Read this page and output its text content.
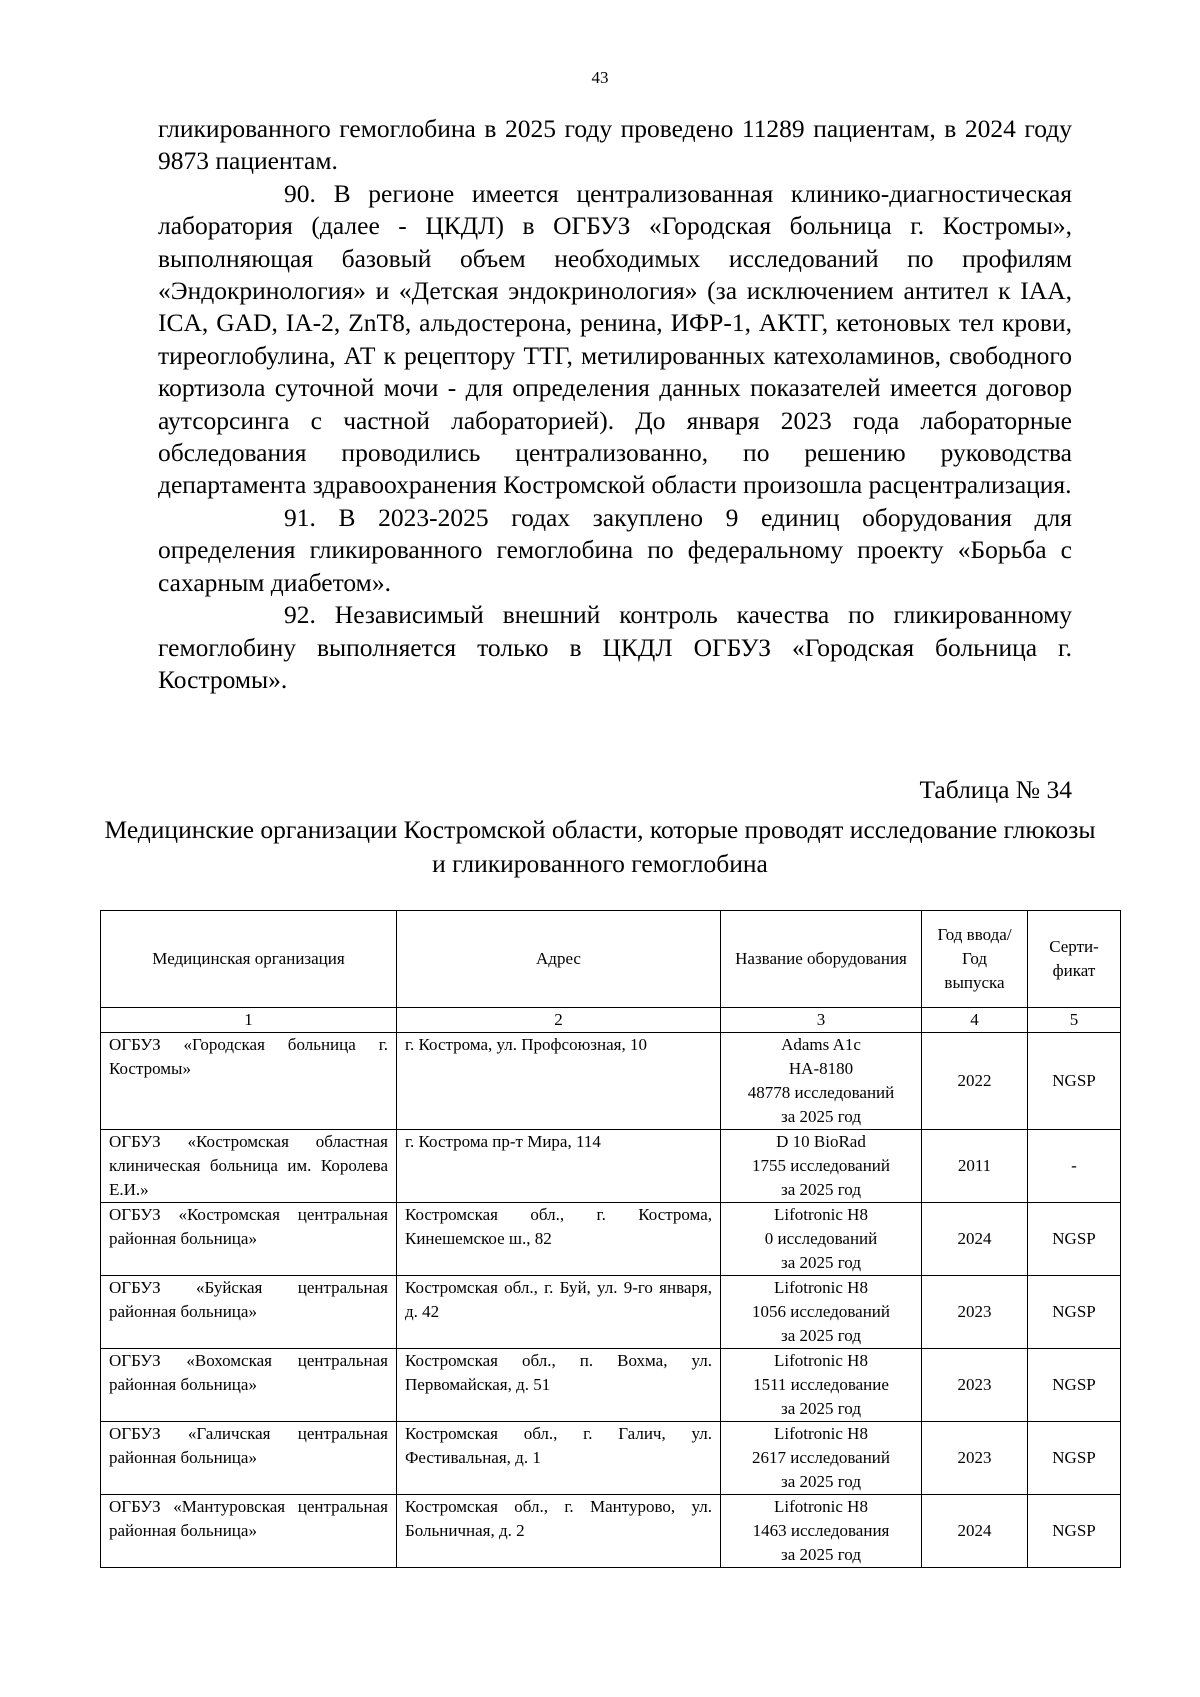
43

гликированного гемоглобина в 2025 году проведено 11289 пациентам, в 2024 году 9873 пациентам.

90. В регионе имеется централизованная клинико-диагностическая лаборатория (далее - ЦКДЛ) в ОГБУЗ «Городская больница г. Костромы», выполняющая базовый объем необходимых исследований по профилям «Эндокринология» и «Детская эндокринология» (за исключением антител к IAA, ICA, GAD, IA-2, ZnT8, альдостерона, ренина, ИФР-1, АКТГ, кетоновых тел крови, тиреоглобулина, АТ к рецептору ТТГ, метилированных катехоламинов, свободного кортизола суточной мочи - для определения данных показателей имеется договор аутсорсинга с частной лабораторией). До января 2023 года лабораторные обследования проводились централизованно, по решению руководства департамента здравоохранения Костромской области произошла расцентрализация.

91. В 2023-2025 годах закуплено 9 единиц оборудования для определения гликированного гемоглобина по федеральному проекту «Борьба с сахарным диабетом».

92. Независимый внешний контроль качества по гликированному гемоглобину выполняется только в ЦКДЛ ОГБУЗ «Городская больница г. Костромы».

Таблица № 34
Медицинские организации Костромской области, которые проводят исследование глюкозы и гликированного гемоглобина
Медицинская организация	Адрес	Название оборудования	Год ввода/ Год выпуска	Серти-фикат
1	2	3	4	5
ОГБУЗ «Городская больница г. Костромы»	г. Кострома, ул. Профсоюзная, 10	Adams A1c
HA-8180
48778 исследований
за 2025 год	2022	NGSP
ОГБУЗ «Костромская областная клиническая больница им. Королева Е.И.»	г. Кострома пр-т Мира, 114	D 10 BioRad
1755 исследований
за 2025 год	2011	-
ОГБУЗ «Костромская центральная районная больница»	Костромская обл., г. Кострома, Кинешемское ш., 82	Lifotronic H8
0 исследований
за 2025 год	2024	NGSP
ОГБУЗ «Буйская центральная районная больница»	Костромская обл., г. Буй, ул. 9-го января, д. 42	Lifotronic H8
1056 исследований
за 2025 год	2023	NGSP
ОГБУЗ «Вохомская центральная районная больница»	Костромская обл., п. Вохма, ул. Первомайская, д. 51	Lifotronic H8
1511 исследование
за 2025 год	2023	NGSP
ОГБУЗ «Галичская центральная районная больница»	Костромская обл., г. Галич, ул. Фестивальная, д. 1	Lifotronic H8
2617 исследований
за 2025 год	2023	NGSP
ОГБУЗ «Мантуровская центральная районная больница»	Костромская обл., г. Мантурово, ул. Больничная, д. 2	Lifotronic H8
1463 исследования
за 2025 год	2024	NGSP
